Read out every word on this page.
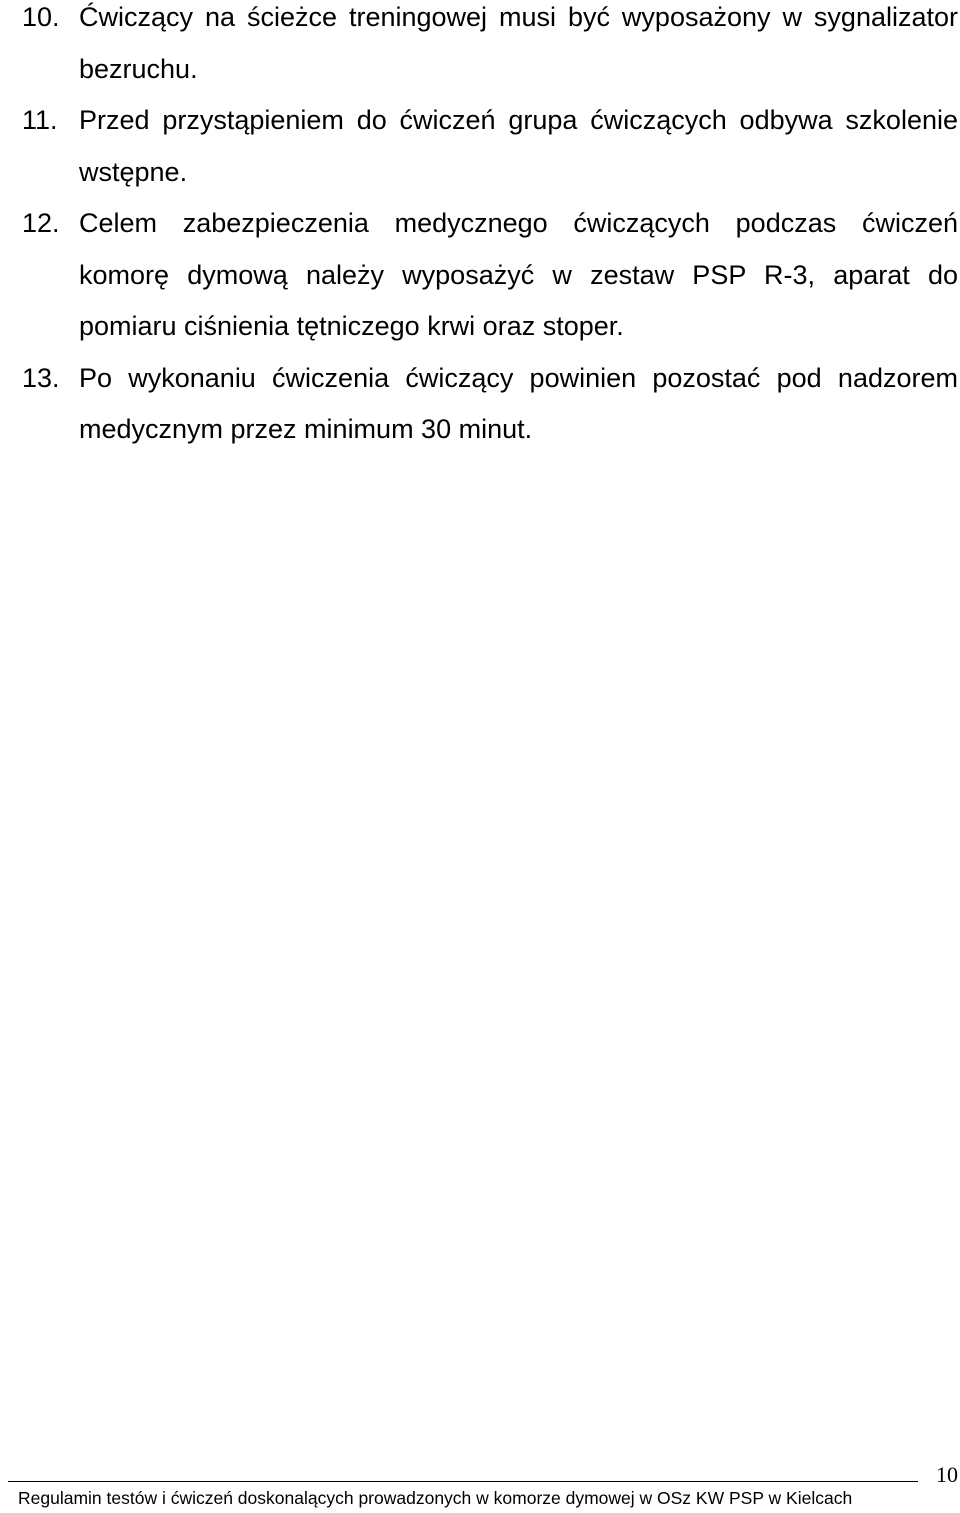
10. Ćwiczący na ścieżce treningowej musi być wyposażony w sygnalizator bezruchu.
11. Przed przystąpieniem do ćwiczeń grupa ćwiczących odbywa szkolenie wstępne.
12. Celem zabezpieczenia medycznego ćwiczących podczas ćwiczeń komorę dymową należy wyposażyć w zestaw PSP R-3, aparat do pomiaru ciśnienia tętniczego krwi oraz stoper.
13. Po wykonaniu ćwiczenia ćwiczący powinien pozostać pod nadzorem medycznym przez minimum 30 minut.
Regulamin testów i ćwiczeń doskonalących prowadzonych w komorze dymowej w OSz KW PSP w Kielcach
10
